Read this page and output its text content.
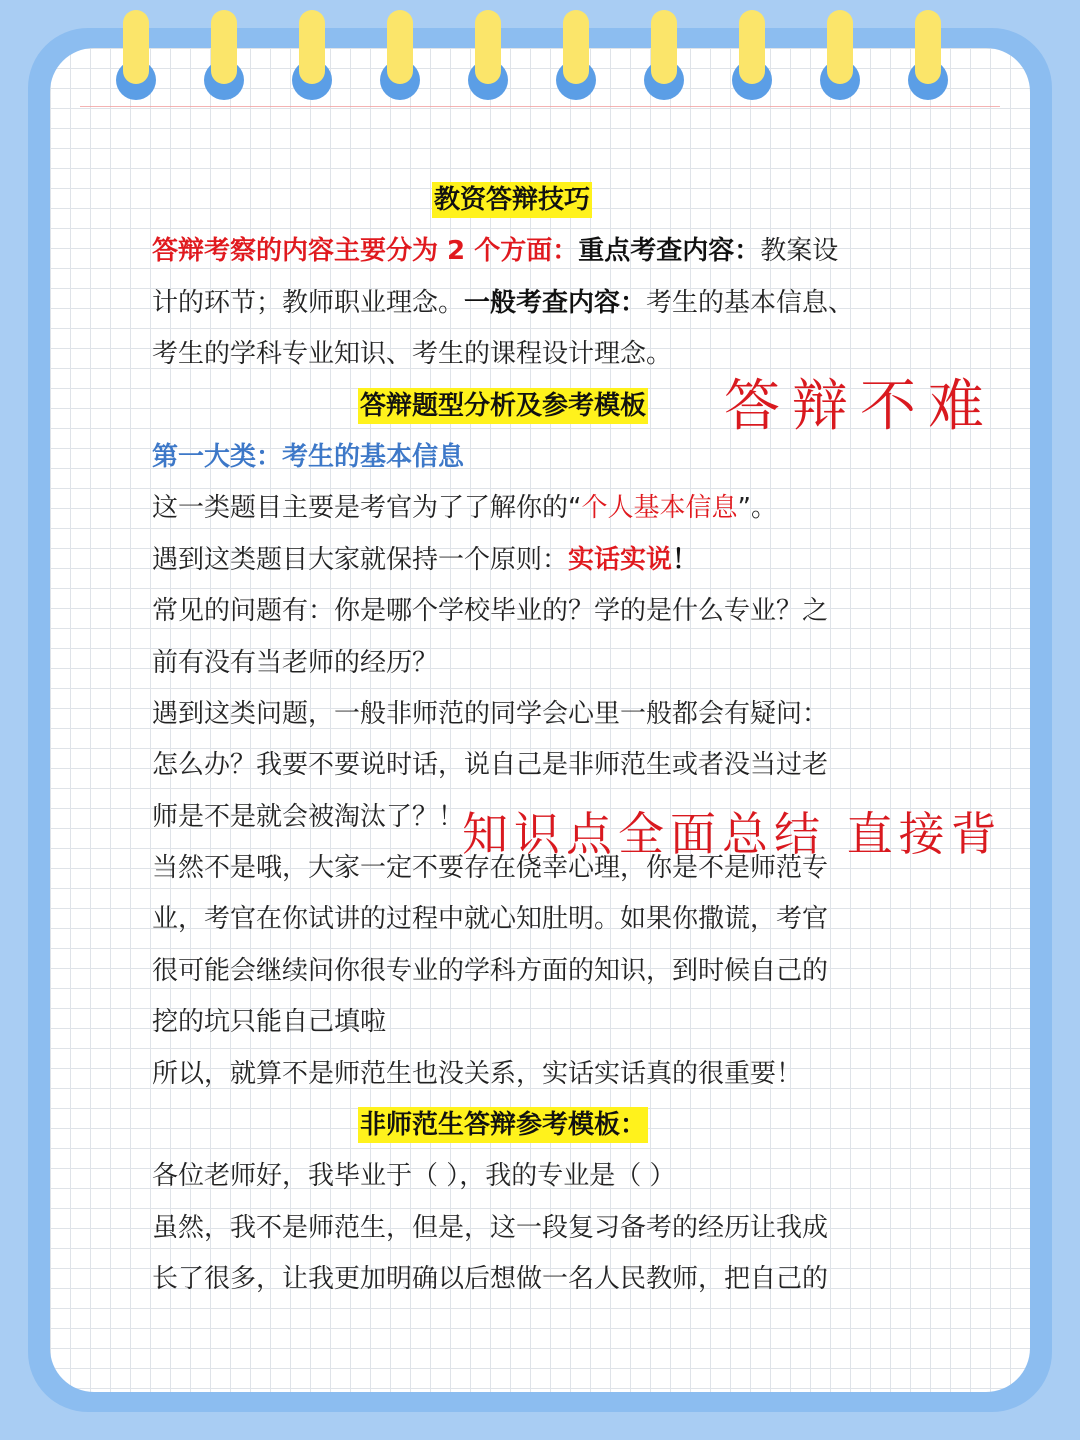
教资答辩技巧
答辩考察的内容主要分为 2 个方面：重点考查内容：教案设
计的环节；教师职业理念。一般考查内容：考生的基本信息、
考生的学科专业知识、考生的课程设计理念。
答辩题型分析及参考模板
第一大类：考生的基本信息
这一类题目主要是考官为了了解你的“个人基本信息”。
遇到这类题目大家就保持一个原则：实话实说！
常见的问题有：你是哪个学校毕业的？学的是什么专业？之
前有没有当老师的经历？
遇到这类问题，一般非师范的同学会心里一般都会有疑问：
怎么办？我要不要说时话，说自己是非师范生或者没当过老
师是不是就会被淘汰了？！
当然不是哦，大家一定不要存在侥幸心理，你是不是师范专
业，考官在你试讲的过程中就心知肚明。如果你撒谎，考官
很可能会继续问你很专业的学科方面的知识，到时候自己的
挖的坑只能自己填啦
所以，就算不是师范生也没关系，实话实话真的很重要！
非师范生答辩参考模板：
各位老师好，我毕业于（ ），我的专业是（ ）
虽然，我不是师范生，但是，这一段复习备考的经历让我成
长了很多，让我更加明确以后想做一名人民教师，把自己的
答辩不难
知识点全面总结 直接背
